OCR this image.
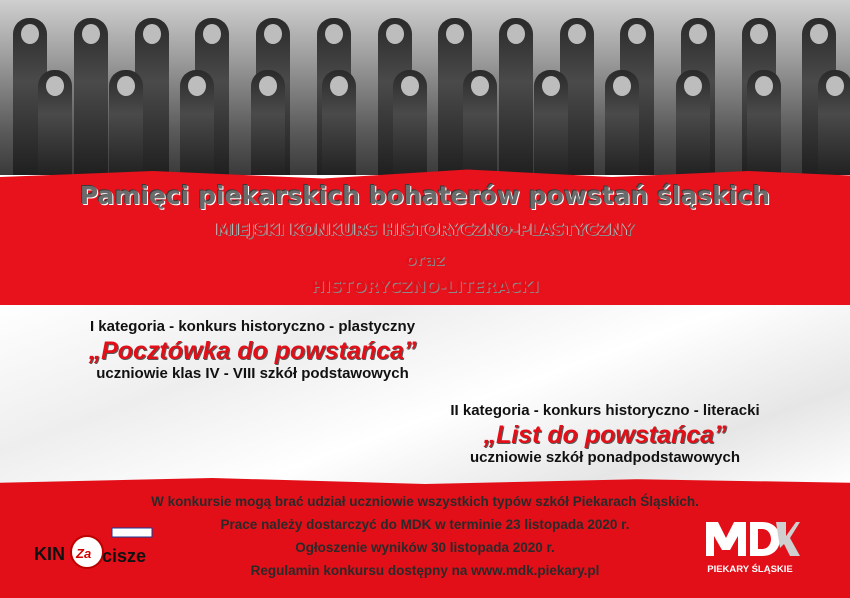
Pamięci piekarskich bohaterów powstań śląskich

MIEJSKI KONKURS HISTORYCZNO-PLASTYCZNY

oraz

HISTORYCZNO-LITERACKI

I kategoria - konkurs historyczno - plastyczny

„Pocztówka do powstańca”

uczniowie klas IV - VIII szkół podstawowych

II kategoria - konkurs historyczno - literacki

„List do powstańca”

uczniowie szkół ponadpodstawowych

W konkursie mogą brać udział uczniowie wszystkich typów szkół Piekarach Śląskich.

Prace należy dostarczyć do MDK w terminie 23 listopada 2020 r.

Ogłoszenie wyników 30 listopada 2020 r.

Regulamin konkursu dostępny na www.mdk.piekary.pl

KIN Za cisze
PIEKARY ŚLĄSKIE
